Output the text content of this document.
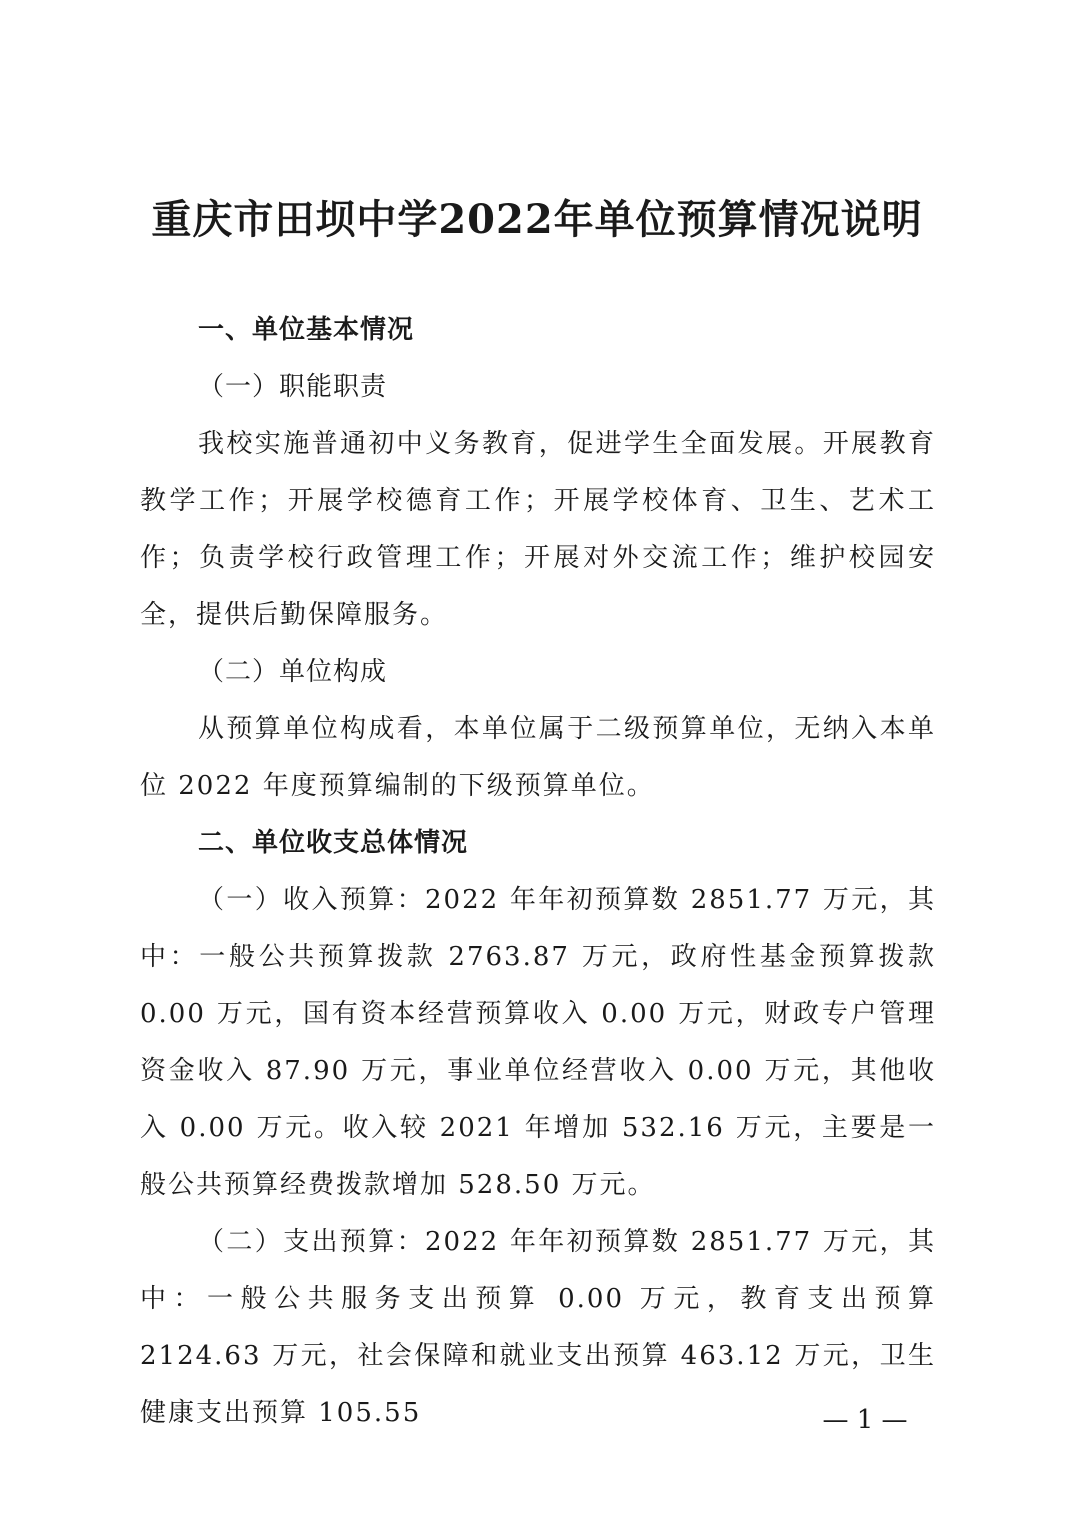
重庆市田坝中学2022年单位预算情况说明

一、单位基本情况

（一）职能职责

我校实施普通初中义务教育，促进学生全面发展。开展教育教学工作；开展学校德育工作；开展学校体育、卫生、艺术工作；负责学校行政管理工作；开展对外交流工作；维护校园安全，提供后勤保障服务。

（二）单位构成

从预算单位构成看，本单位属于二级预算单位，无纳入本单位 2022 年度预算编制的下级预算单位。

二、单位收支总体情况

（一）收入预算：2022 年年初预算数 2851.77 万元，其中：一般公共预算拨款 2763.87 万元，政府性基金预算拨款 0.00 万元，国有资本经营预算收入 0.00 万元，财政专户管理资金收入 87.90 万元，事业单位经营收入 0.00 万元，其他收入 0.00 万元。收入较 2021 年增加 532.16 万元，主要是一般公共预算经费拨款增加 528.50 万元。

（二）支出预算：2022 年年初预算数 2851.77 万元，其中：一般公共服务支出预算 0.00 万元，教育支出预算 2124.63 万元，社会保障和就业支出预算 463.12 万元，卫生健康支出预算 105.55	— 1 —
